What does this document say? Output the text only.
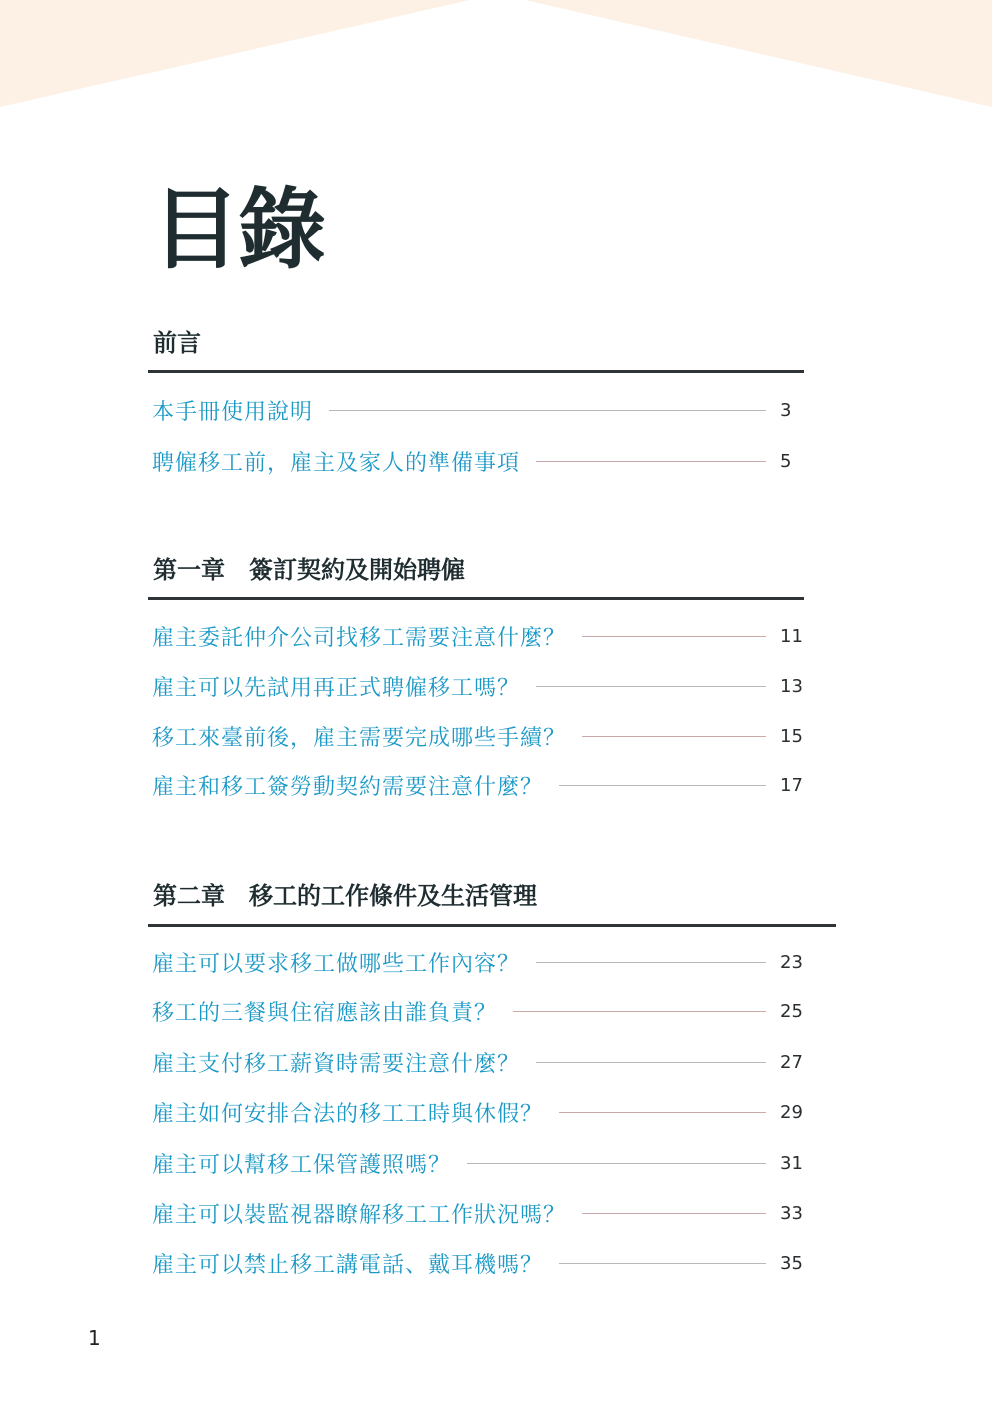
目錄
前言
本手冊使用說明	3
聘僱移工前，雇主及家人的準備事項	5
第一章　簽訂契約及開始聘僱
雇主委託仲介公司找移工需要注意什麼？	11
雇主可以先試用再正式聘僱移工嗎？	13
移工來臺前後，雇主需要完成哪些手續？	15
雇主和移工簽勞動契約需要注意什麼？	17
第二章　移工的工作條件及生活管理
雇主可以要求移工做哪些工作內容？	23
移工的三餐與住宿應該由誰負責？	25
雇主支付移工薪資時需要注意什麼？	27
雇主如何安排合法的移工工時與休假？	29
雇主可以幫移工保管護照嗎？	31
雇主可以裝監視器瞭解移工工作狀況嗎？	33
雇主可以禁止移工講電話、戴耳機嗎？	35
1
